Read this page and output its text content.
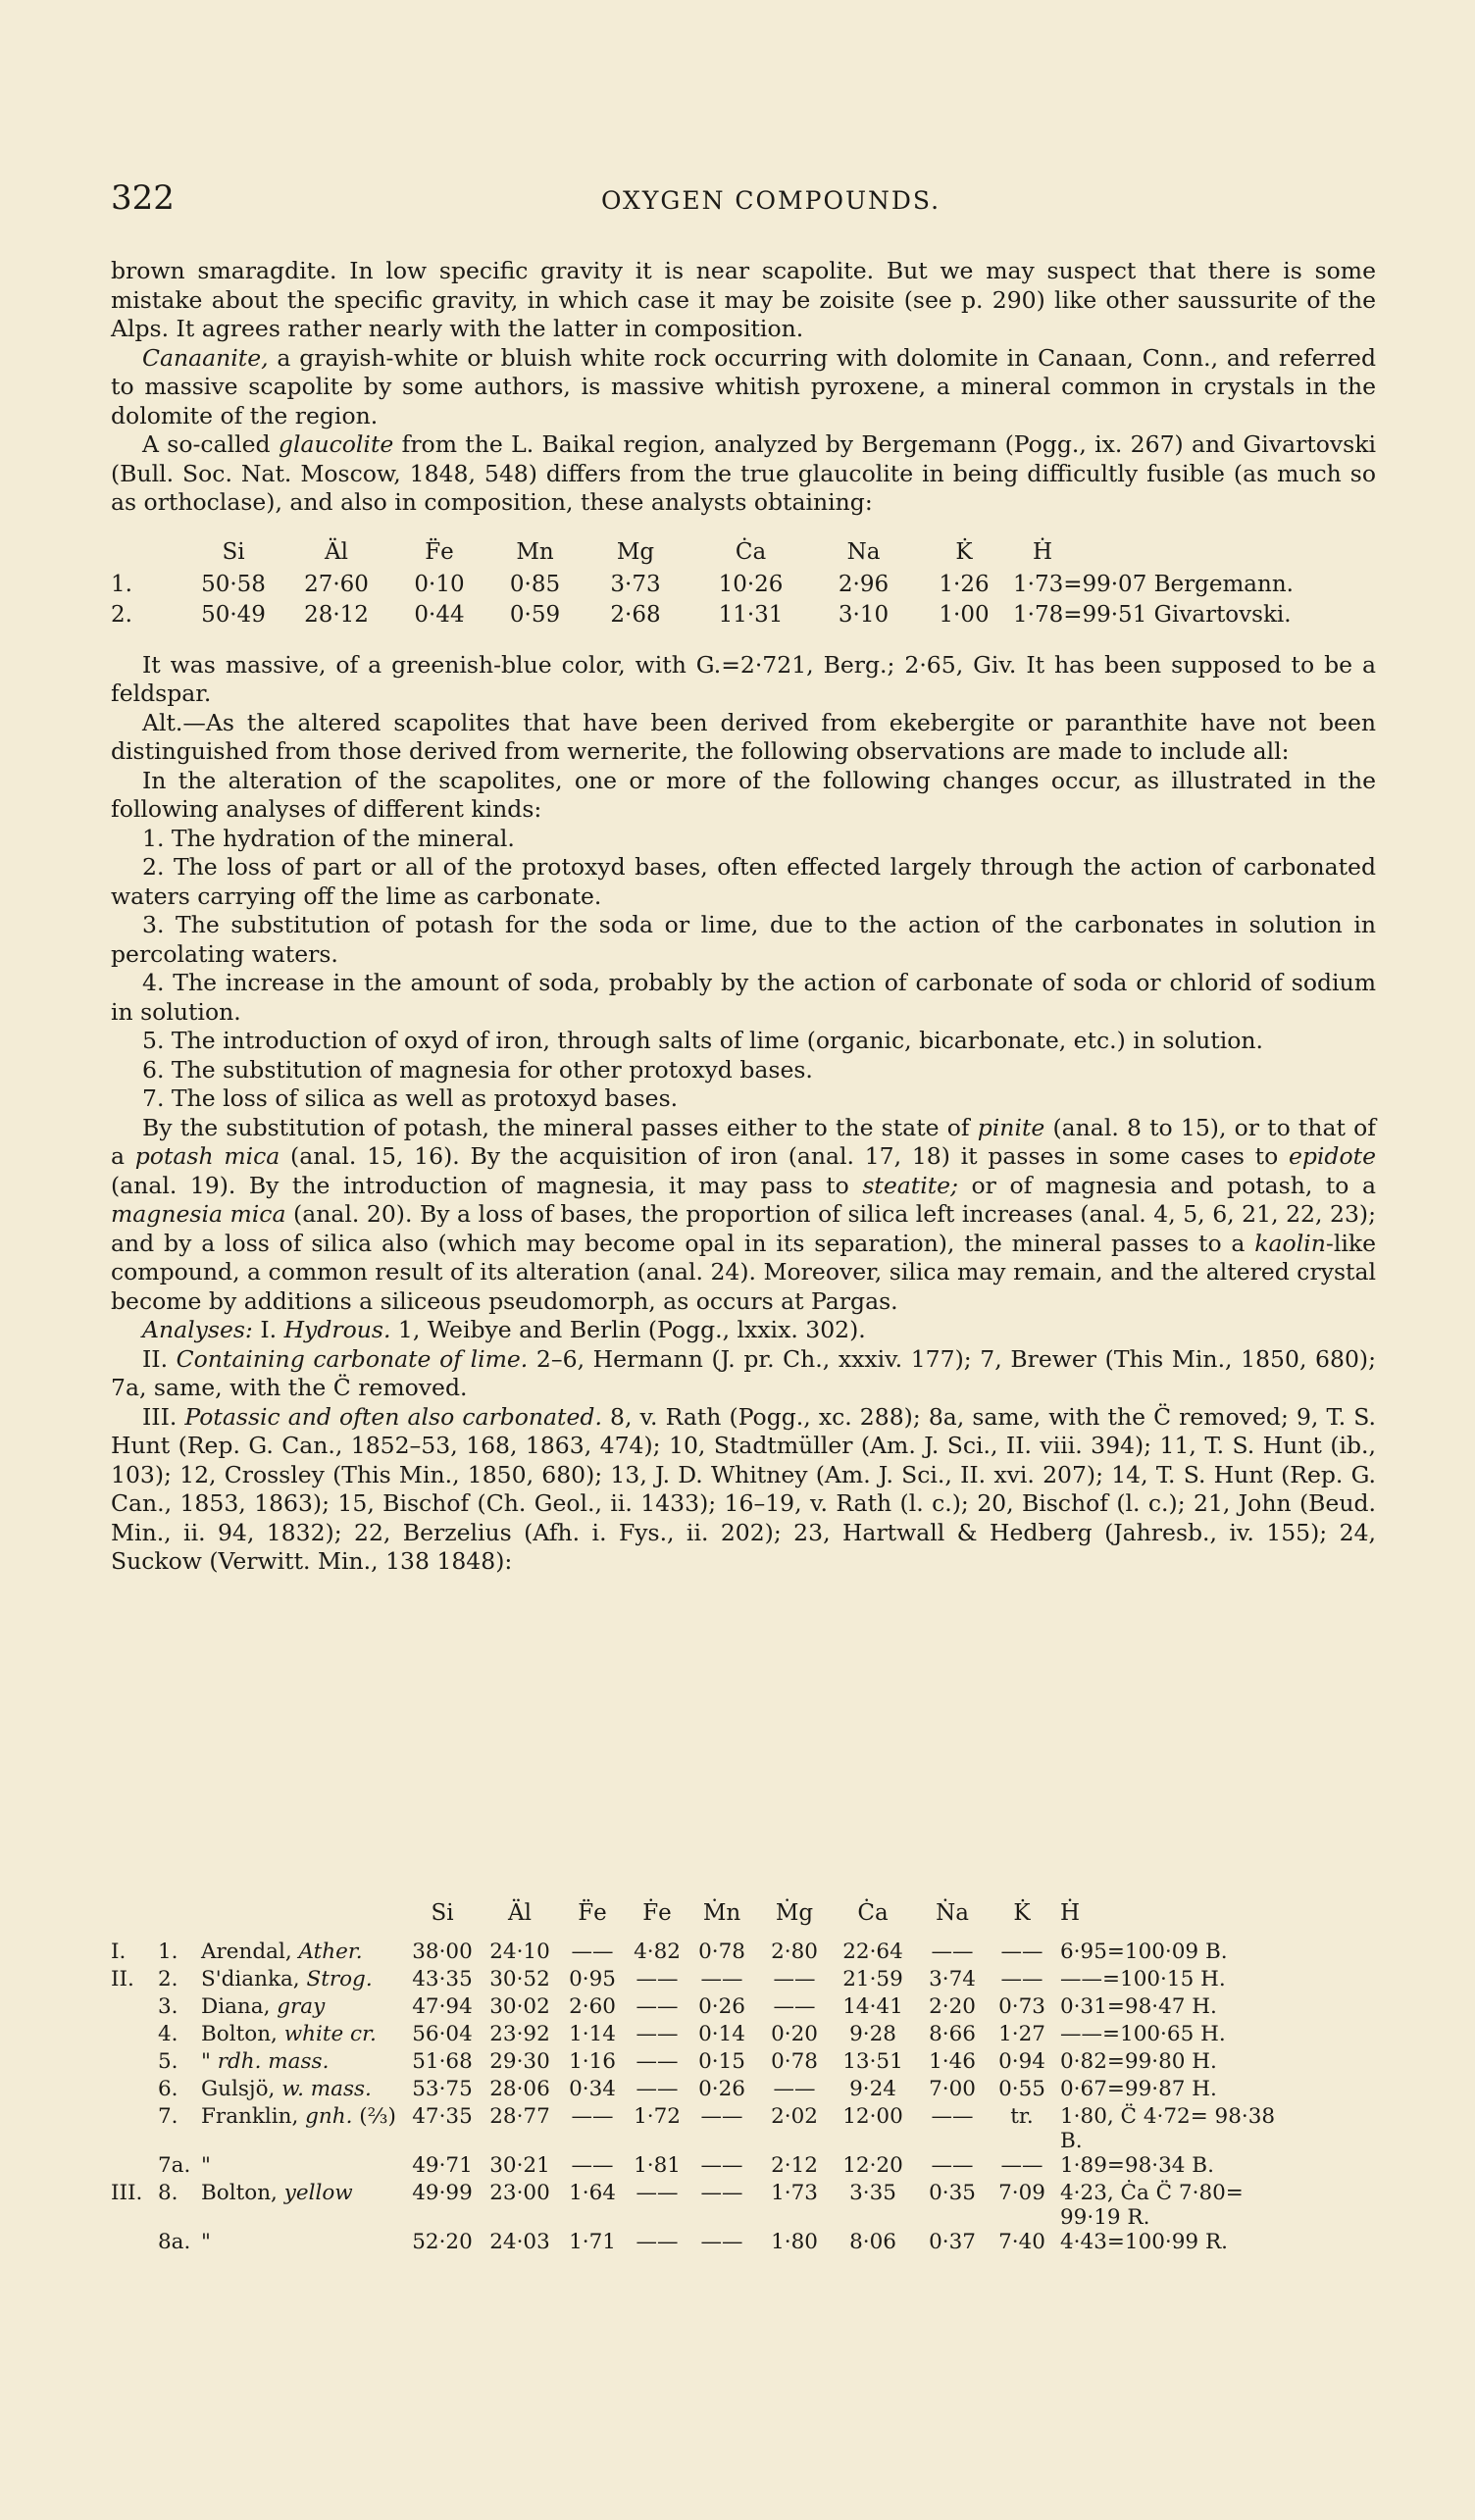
322	OXYGEN COMPOUNDS.

brown smaragdite. In low specific gravity it is near scapolite. But we may suspect that there is some mistake about the specific gravity, in which case it may be zoisite (see p. 290) like other saussurite of the Alps. It agrees rather nearly with the latter in composition.

Canaanite, a grayish-white or bluish white rock occurring with dolomite in Canaan, Conn., and referred to massive scapolite by some authors, is massive whitish pyroxene, a mineral common in crystals in the dolomite of the region.

A so-called glaucolite from the L. Baikal region, analyzed by Bergemann (Pogg., ix. 267) and Givartovski (Bull. Soc. Nat. Moscow, 1848, 548) differs from the true glaucolite in being difficultly fusible (as much so as orthoclase), and also in composition, these analysts obtaining:

	Si	Äl	F̈e	Mn	Mg	Ċa	Na	K̇	Ḣ
1.	50·58	27·60	0·10	0·85	3·73	10·26	2·96	1·26	1·73=99·07 Bergemann.
2.	50·49	28·12	0·44	0·59	2·68	11·31	3·10	1·00	1·78=99·51 Givartovski.

It was massive, of a greenish-blue color, with G.=2·721, Berg.; 2·65, Giv. It has been supposed to be a feldspar.

Alt.—As the altered scapolites that have been derived from ekebergite or paranthite have not been distinguished from those derived from wernerite, the following observations are made to include all:

In the alteration of the scapolites, one or more of the following changes occur, as illustrated in the following analyses of different kinds:

1. The hydration of the mineral.

2. The loss of part or all of the protoxyd bases, often effected largely through the action of carbonated waters carrying off the lime as carbonate.

3. The substitution of potash for the soda or lime, due to the action of the carbonates in solution in percolating waters.

4. The increase in the amount of soda, probably by the action of carbonate of soda or chlorid of sodium in solution.

5. The introduction of oxyd of iron, through salts of lime (organic, bicarbonate, etc.) in solution.

6. The substitution of magnesia for other protoxyd bases.

7. The loss of silica as well as protoxyd bases.

By the substitution of potash, the mineral passes either to the state of pinite (anal. 8 to 15), or to that of a potash mica (anal. 15, 16). By the acquisition of iron (anal. 17, 18) it passes in some cases to epidote (anal. 19). By the introduction of magnesia, it may pass to steatite; or of magnesia and potash, to a magnesia mica (anal. 20). By a loss of bases, the proportion of silica left increases (anal. 4, 5, 6, 21, 22, 23); and by a loss of silica also (which may become opal in its separation), the mineral passes to a kaolin-like compound, a common result of its alteration (anal. 24). Moreover, silica may remain, and the altered crystal become by additions a siliceous pseudomorph, as occurs at Pargas.

Analyses: I. Hydrous. 1, Weibye and Berlin (Pogg., lxxix. 302).

II. Containing carbonate of lime. 2–6, Hermann (J. pr. Ch., xxxiv. 177); 7, Brewer (This Min., 1850, 680); 7a, same, with the C̈ removed.

III. Potassic and often also carbonated. 8, v. Rath (Pogg., xc. 288); 8a, same, with the C̈ removed; 9, T. S. Hunt (Rep. G. Can., 1852–53, 168, 1863, 474); 10, Stadtmüller (Am. J. Sci., II. viii. 394); 11, T. S. Hunt (ib., 103); 12, Crossley (This Min., 1850, 680); 13, J. D. Whitney (Am. J. Sci., II. xvi. 207); 14, T. S. Hunt (Rep. G. Can., 1853, 1863); 15, Bischof (Ch. Geol., ii. 1433); 16–19, v. Rath (l. c.); 20, Bischof (l. c.); 21, John (Beud. Min., ii. 94, 1832); 22, Berzelius (Afh. i. Fys., ii. 202); 23, Hartwall & Hedberg (Jahresb., iv. 155); 24, Suckow (Verwitt. Min., 138 1848):

		Si	Äl	F̈e	Ḟe	Ṁn	Ṁg	Ċa	Ṅa	K̇	Ḣ
I.	1. Arendal, Ather.	38·00	24·10	——	4·82	0·78	2·80	22·64	——	——	6·95=100·09 B.
II.	2. S'dianka, Strog.	43·35	30·52	0·95	——	——	——	21·59	3·74	——	——=100·15 H.
	3. Diana, gray	47·94	30·02	2·60	——	0·26	——	14·41	2·20	0·73	0·31=98·47 H.
	4. Bolton, white cr.	56·04	23·92	1·14	——	0·14	0·20	9·28	8·66	1·27	——=100·65 H.
	5. " rdh. mass.	51·68	29·30	1·16	——	0·15	0·78	13·51	1·46	0·94	0·82=99·80 H.
	6. Gulsjö, w. mass.	53·75	28·06	0·34	——	0·26	——	9·24	7·00	0·55	0·67=99·87 H.
	7. Franklin, gnh. (⅔)	47·35	28·77	——	1·72	——	2·02	12·00	——	tr.	1·80, C̈ 4·72= 98·38 B.
	7a. "	49·71	30·21	——	1·81	——	2·12	12·20	——	——	1·89=98·34 B.
III.	8. Bolton, yellow	49·99	23·00	1·64	——	——	1·73	3·35	0·35	7·09	4·23, Ċa C̈ 7·80= 99·19 R.
	8a. "	52·20	24·03	1·71	——	——	1·80	8·06	0·37	7·40	4·43=100·99 R.
